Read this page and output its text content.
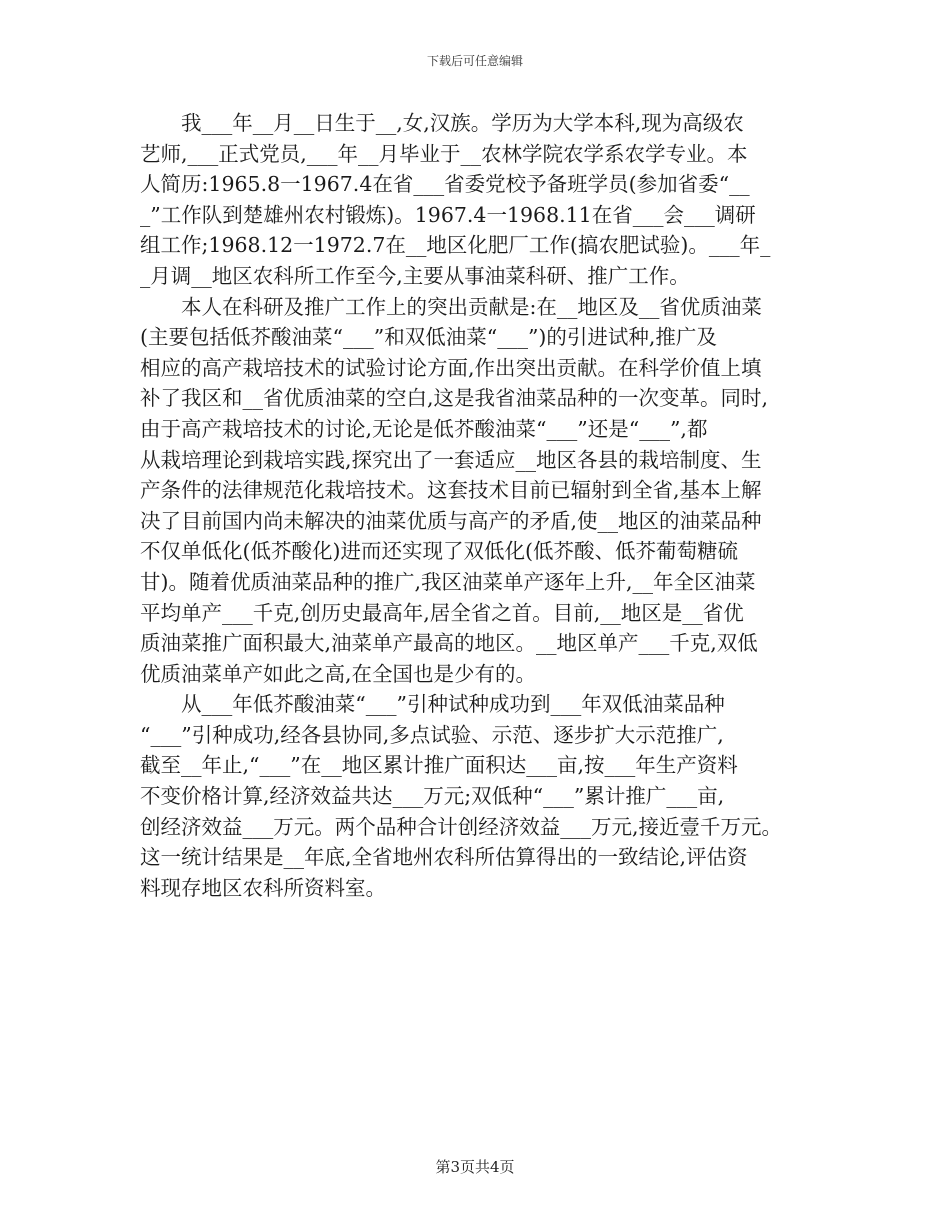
下载后可任意编辑

　　我___年__月__日生于__,女,汉族。学历为大学本科,现为高级农
艺师,___正式党员,___年__月毕业于__农林学院农学系农学专业。本
人简历:1965.8一1967.4在省___省委党校予备班学员(参加省委“__
_”工作队到楚雄州农村锻炼)。1967.4一1968.11在省___会___调研
组工作;1968.12一1972.7在__地区化肥厂工作(搞农肥试验)。___年_
_月调__地区农科所工作至今,主要从事油菜科研、推广工作。

　　本人在科研及推广工作上的突出贡献是:在__地区及__省优质油菜
(主要包括低芥酸油菜“___”和双低油菜“___”)的引进试种,推广及
相应的高产栽培技术的试验讨论方面,作出突出贡献。在科学价值上填
补了我区和__省优质油菜的空白,这是我省油菜品种的一次变革。同时,
由于高产栽培技术的讨论,无论是低芥酸油菜“___”还是“___”,都
从栽培理论到栽培实践,探究出了一套适应__地区各县的栽培制度、生
产条件的法律规范化栽培技术。这套技术目前已辐射到全省,基本上解
决了目前国内尚未解决的油菜优质与高产的矛盾,使__地区的油菜品种
不仅单低化(低芥酸化)进而还实现了双低化(低芥酸、低芥葡萄糖硫
甘)。随着优质油菜品种的推广,我区油菜单产逐年上升,__年全区油菜
平均单产___千克,创历史最高年,居全省之首。目前,__地区是__省优
质油菜推广面积最大,油菜单产最高的地区。__地区单产___千克,双低
优质油菜单产如此之高,在全国也是少有的。

　　从___年低芥酸油菜“___”引种试种成功到___年双低油菜品种
“___”引种成功,经各县协同,多点试验、示范、逐步扩大示范推广,
截至__年止,“___”在__地区累计推广面积达___亩,按___年生产资料
不变价格计算,经济效益共达___万元;双低种“___”累计推广___亩,
创经济效益___万元。两个品种合计创经济效益___万元,接近壹千万元。
这一统计结果是__年底,全省地州农科所估算得出的一致结论,评估资
料现存地区农科所资料室。

第3页共4页
